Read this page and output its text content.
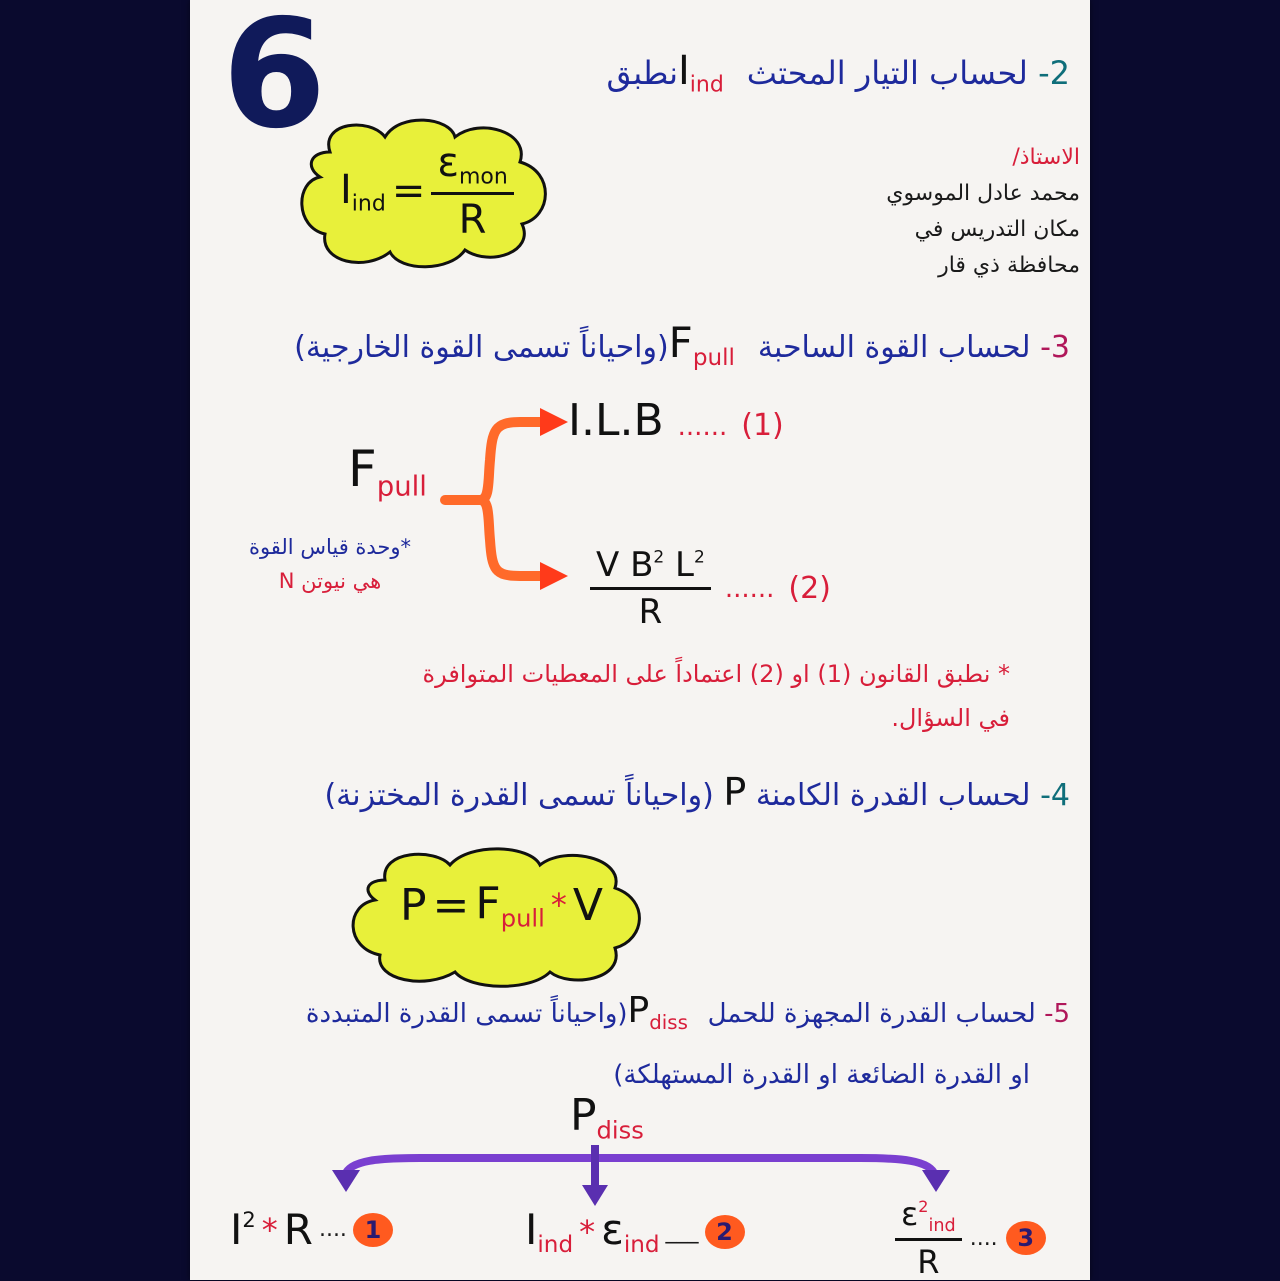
6	2- لحساب التيار المحتث $I_{ind}$ نطبق
$I_{ind} = \frac{\varepsilon_{mon}}{R}$	الاستاذ/
محمد عادل الموسوي
مكان التدريس في
محافظة ذي قار
3- لحساب القوة الساحبة $F_{pull}$ (واحياناً تسمى القوة الخارجية)
$F_{pull}$
I.L.B ...... (1)
$\frac{V B^2 L^2}{R}$ ...... (2)
*وحدة قياس القوة
هي نيوتن N
* نطبق القانون (1) او (2) اعتماداً على المعطيات المتوافرة
في السؤال.
4- لحساب القدرة الكامنة P (واحياناً تسمى القدرة المختزنة)
$P = F_{pull} * V$
5- لحساب القدرة المجهزة للحمل $P_{diss}$ (واحياناً تسمى القدرة المتبددة
او القدرة الضائعة او القدرة المستهلكة)
$P_{diss}$
$I^2$ * R .... 1	$I_{ind} * \varepsilon_{ind}$
___ 2	$\frac{\varepsilon^2_{ind}}{R}$ .... 3
